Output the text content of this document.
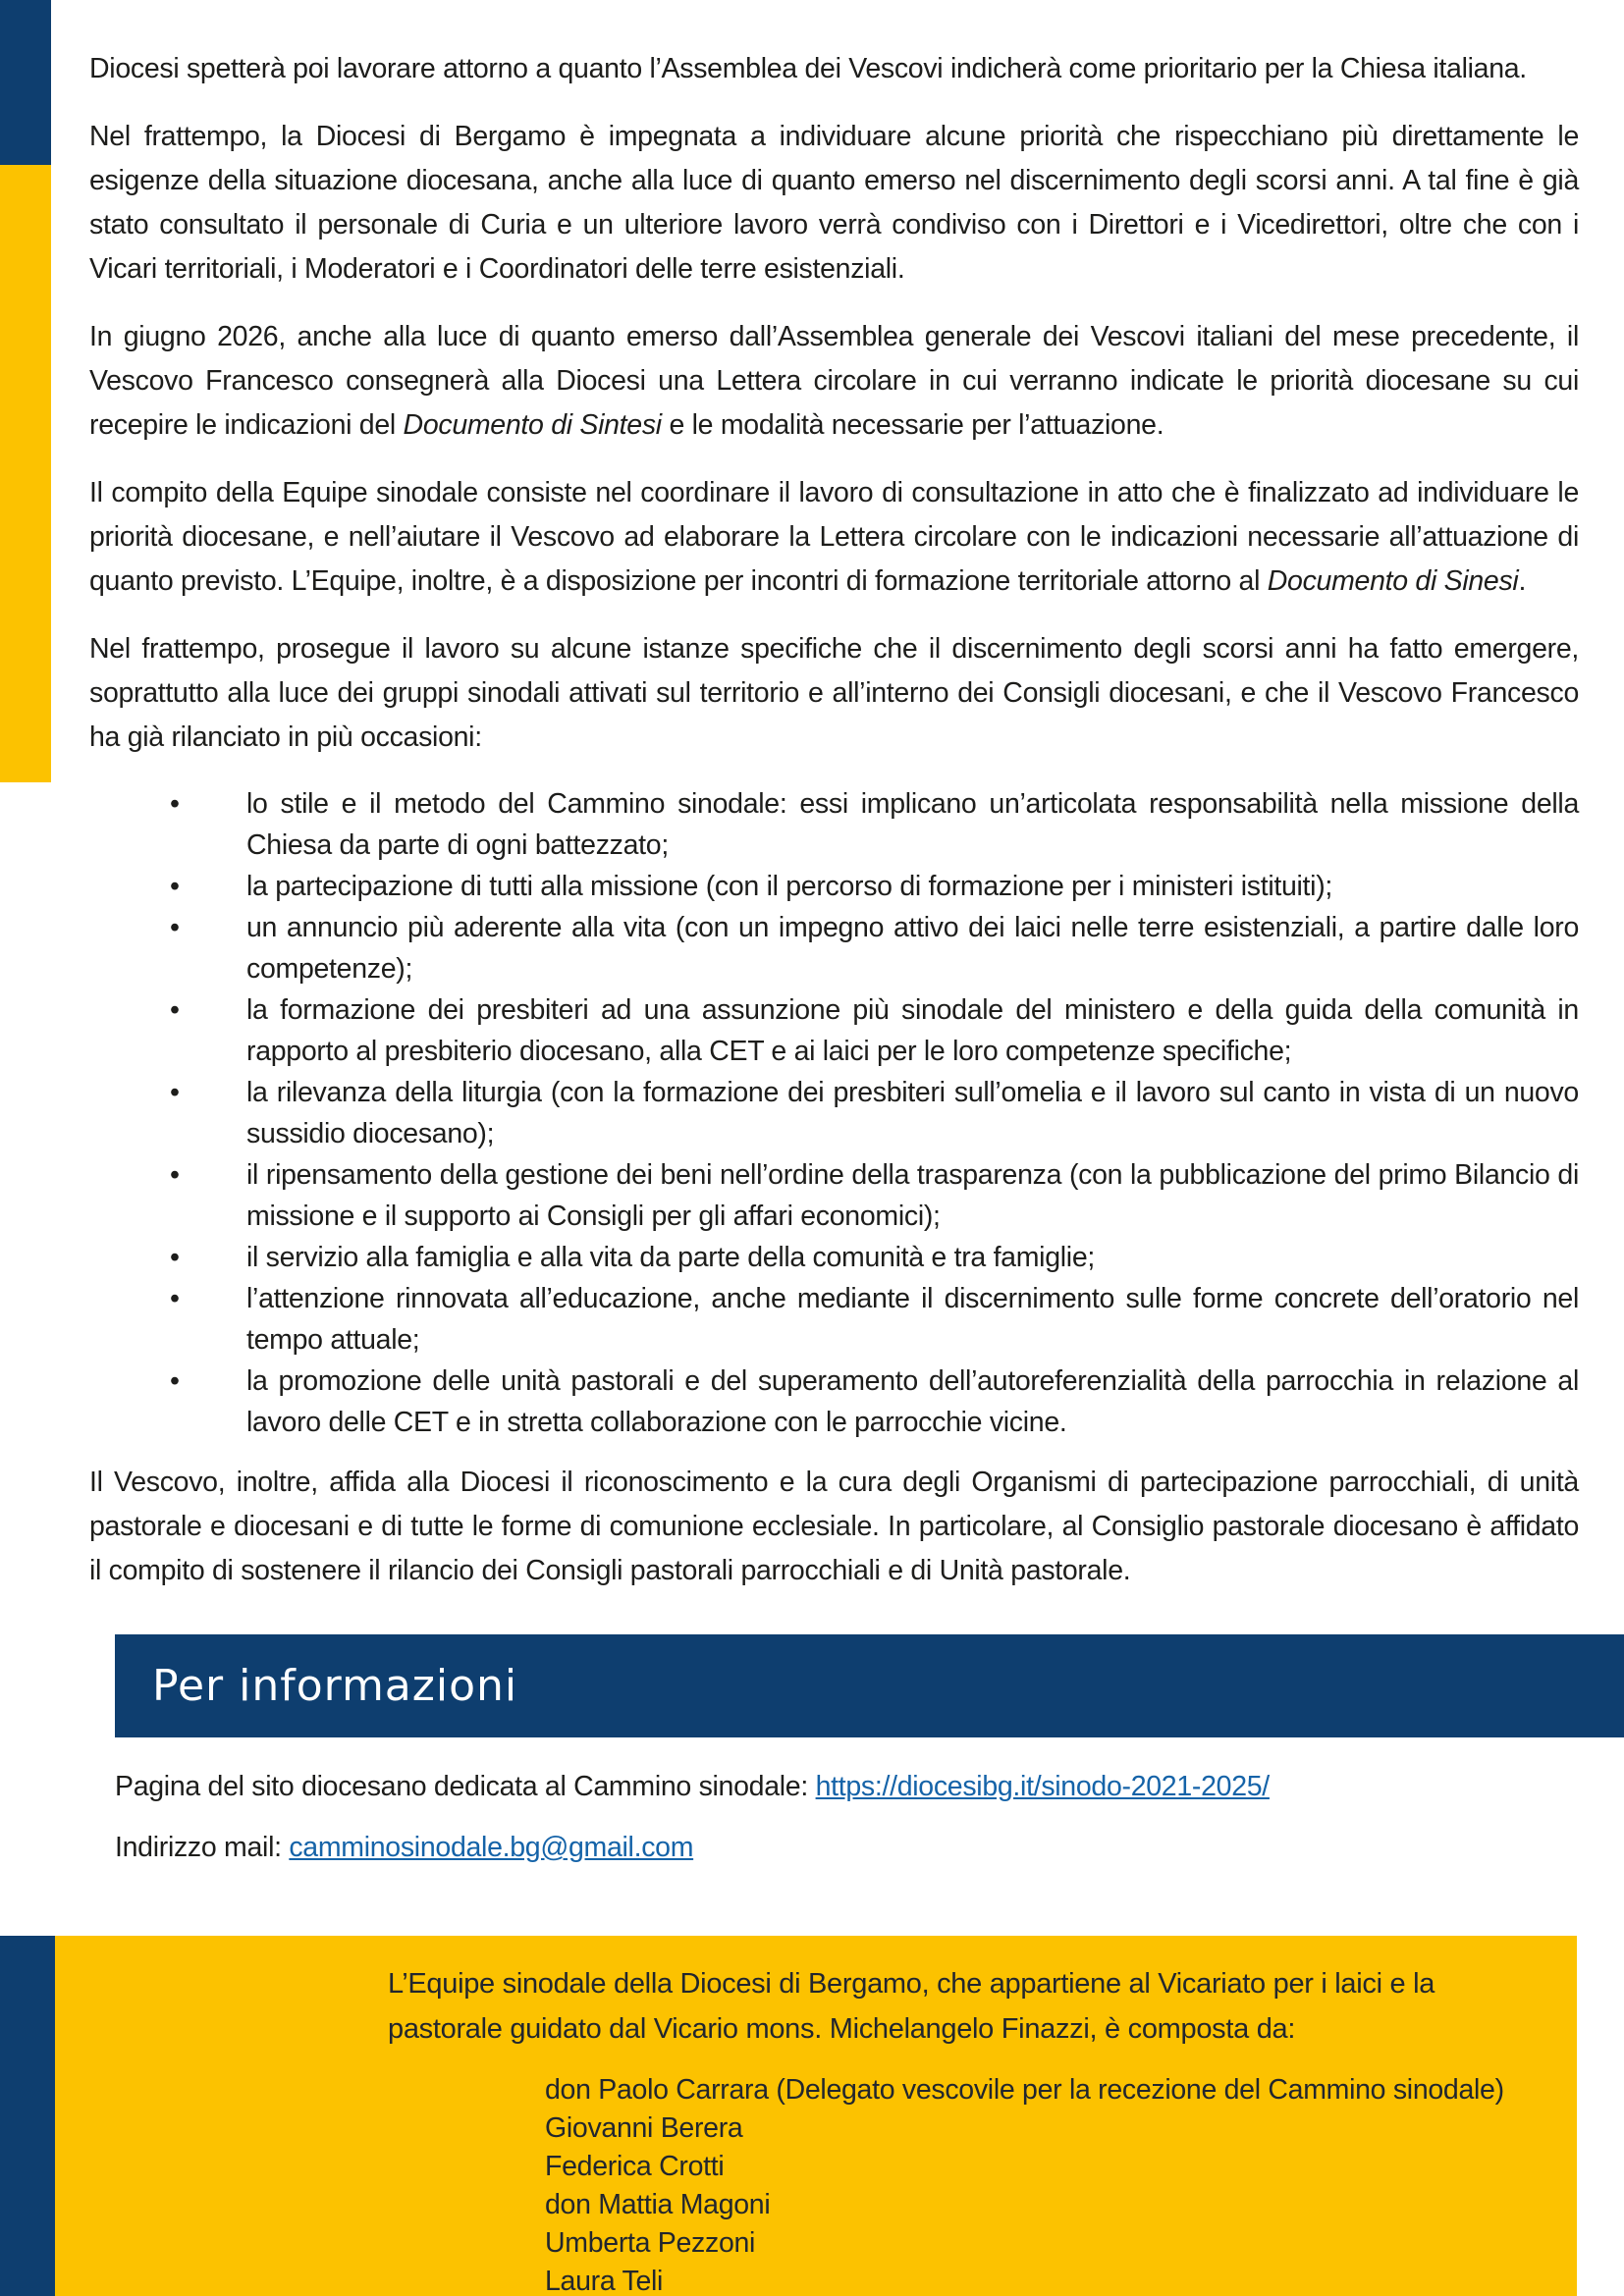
Diocesi spetterà poi lavorare attorno a quanto l’Assemblea dei Vescovi indicherà come prioritario per la Chiesa italiana.

Nel frattempo, la Diocesi di Bergamo è impegnata a individuare alcune priorità che rispecchiano più direttamente le esigenze della situazione diocesana, anche alla luce di quanto emerso nel discernimento degli scorsi anni. A tal fine è già stato consultato il personale di Curia e un ulteriore lavoro verrà condiviso con i Direttori e i Vicedirettori, oltre che con i Vicari territoriali, i Moderatori e i Coordinatori delle terre esistenziali.

In giugno 2026, anche alla luce di quanto emerso dall’Assemblea generale dei Vescovi italiani del mese precedente, il Vescovo Francesco consegnerà alla Diocesi una Lettera circolare in cui verranno indicate le priorità diocesane su cui recepire le indicazioni del Documento di Sintesi e le modalità necessarie per l’attuazione.

Il compito della Equipe sinodale consiste nel coordinare il lavoro di consultazione in atto che è finalizzato ad individuare le priorità diocesane, e nell’aiutare il Vescovo ad elaborare la Lettera circolare con le indicazioni necessarie all’attuazione di quanto previsto. L’Equipe, inoltre, è a disposizione per incontri di formazione territoriale attorno al Documento di Sinesi.

Nel frattempo, prosegue il lavoro su alcune istanze specifiche che il discernimento degli scorsi anni ha fatto emergere, soprattutto alla luce dei gruppi sinodali attivati sul territorio e all’interno dei Consigli diocesani, e che il Vescovo Francesco ha già rilanciato in più occasioni:

• lo stile e il metodo del Cammino sinodale: essi implicano un’articolata responsabilità nella missione della Chiesa da parte di ogni battezzato;
• la partecipazione di tutti alla missione (con il percorso di formazione per i ministeri istituiti);
• un annuncio più aderente alla vita (con un impegno attivo dei laici nelle terre esistenziali, a partire dalle loro competenze);
• la formazione dei presbiteri ad una assunzione più sinodale del ministero e della guida della comunità in rapporto al presbiterio diocesano, alla CET e ai laici per le loro competenze specifiche;
• la rilevanza della liturgia (con la formazione dei presbiteri sull’omelia e il lavoro sul canto in vista di un nuovo sussidio diocesano);
• il ripensamento della gestione dei beni nell’ordine della trasparenza (con la pubblicazione del primo Bilancio di missione e il supporto ai Consigli per gli affari economici);
• il servizio alla famiglia e alla vita da parte della comunità e tra famiglie;
• l’attenzione rinnovata all’educazione, anche mediante il discernimento sulle forme concrete dell’oratorio nel tempo attuale;
• la promozione delle unità pastorali e del superamento dell’autoreferenzialità della parrocchia in relazione al lavoro delle CET e in stretta collaborazione con le parrocchie vicine.

Il Vescovo, inoltre, affida alla Diocesi il riconoscimento e la cura degli Organismi di partecipazione parrocchiali, di unità pastorale e diocesani e di tutte le forme di comunione ecclesiale. In particolare, al Consiglio pastorale diocesano è affidato il compito di sostenere il rilancio dei Consigli pastorali parrocchiali e di Unità pastorale.

Per informazioni

Pagina del sito diocesano dedicata al Cammino sinodale: https://diocesibg.it/sinodo-2021-2025/

Indirizzo mail: camminosinodale.bg@gmail.com

L’Equipe sinodale della Diocesi di Bergamo, che appartiene al Vicariato per i laici e la pastorale guidato dal Vicario mons. Michelangelo Finazzi, è composta da:

don Paolo Carrara (Delegato vescovile per la recezione del Cammino sinodale)

Giovanni Berera

Federica Crotti

don Mattia Magoni

Umberta Pezzoni

Laura Teli
